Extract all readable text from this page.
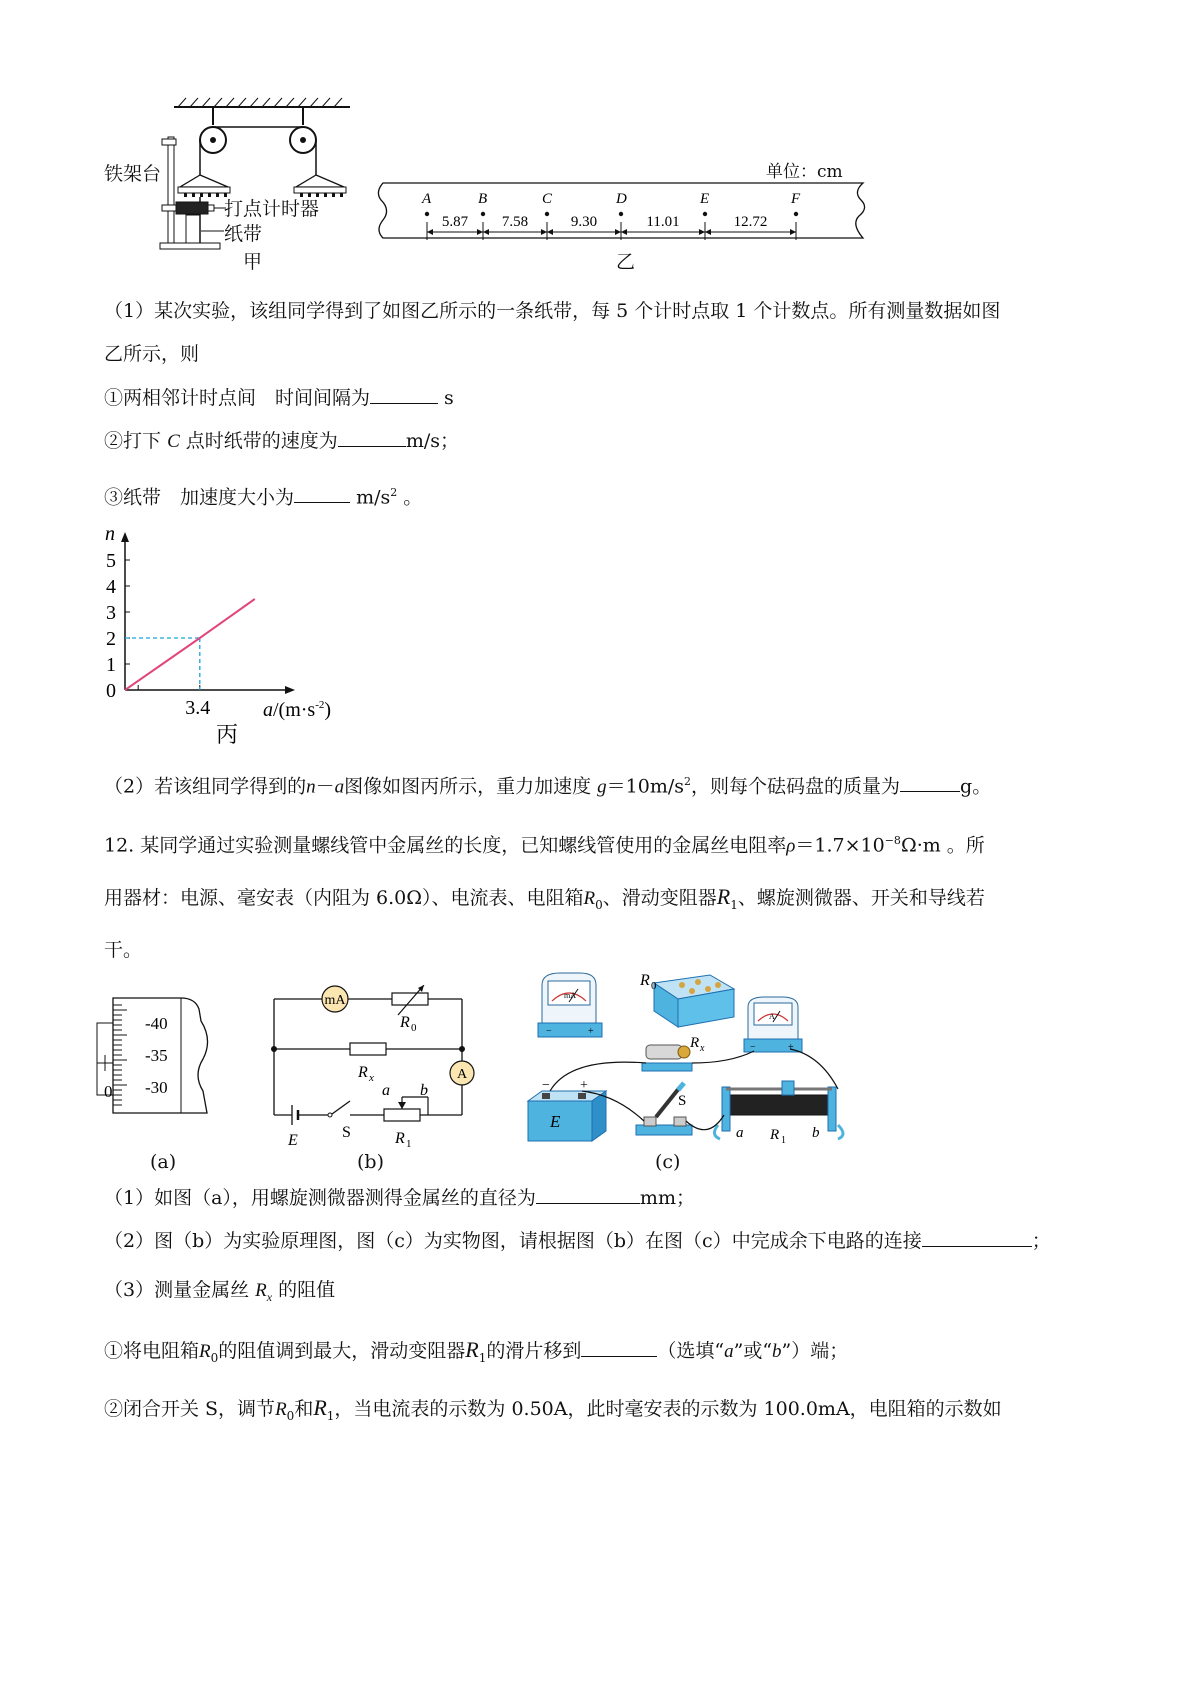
铁架台
打点计时器
纸带
甲
A	B	C	D	E	F
5.87 7.58	9.30	11.01	12.72
单位：cm
乙
（1）某次实验，该组同学得到了如图乙所示的一条纸带，每 5 个计时点取 1 个计数点。所有测量数据如图
乙所示，则
①两相邻计时点间　时间间隔为	s
②打下 C 点时纸带的速度为	m/s；
③纸带　加速度大小为	$m/s^2$ 。
0
1
2
3
4
5
n
3.4	$a/(m\cdot s^{-2})$
丙
（2）若该组同学得到的n－a图像如图丙所示，重力加速度 $g=10m/s^2$，则每个砝码盘的质量为	g。
12. 某同学通过实验测量螺线管中金属丝的长度，已知螺线管使用的金属丝电阻率$\rho=1.7\times 10^{-8}\Omega\cdot m$ 。所
用器材：电源、毫安表（内阻为 6.0Ω）、电流表、电阻箱$R_0$、滑动变阻器$R_1$、螺旋测微器、开关和导线若
干。
-40
-35
-30
0
(a)
mA
A
R 0
R x
a b
R 1
E	S
(b)
mA
−	+
R 0
A
−	+
R x
E
− +
S
a	b
R 1
(c)
（1）如图（a），用螺旋测微器测得金属丝的直径为	mm；
（2）图（b）为实验原理图，图（c）为实物图，请根据图（b）在图（c）中完成余下电路的连接	；
（3）测量金属丝 $R_x$ 的阻值
①将电阻箱$R_0$的阻值调到最大，滑动变阻器$R_1$的滑片移到	（选填“a”或“b”）端；
②闭合开关 S，调节$R_0$和$R_1$，当电流表的示数为 0.50A，此时毫安表的示数为 100.0mA，电阻箱的示数如
